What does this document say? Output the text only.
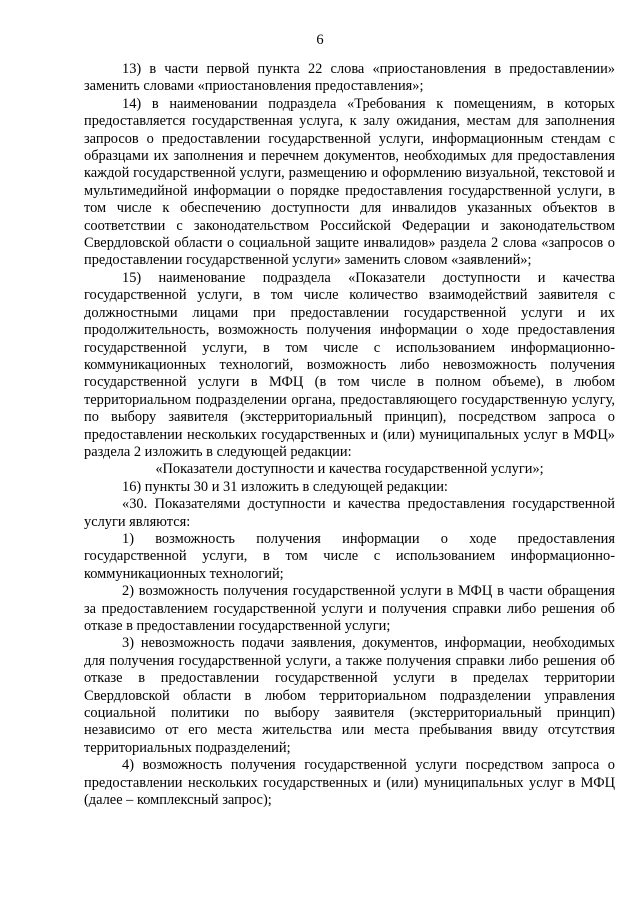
6

13) в части первой пункта 22 слова «приостановления в предоставлении» заменить словами «приостановления предоставления»;

14) в наименовании подраздела «Требования к помещениям, в которых предоставляется государственная услуга, к залу ожидания, местам для заполнения запросов о предоставлении государственной услуги, информационным стендам с образцами их заполнения и перечнем документов, необходимых для предоставления каждой государственной услуги, размещению и оформлению визуальной, текстовой и мультимедийной информации о порядке предоставления государственной услуги, в том числе к обеспечению доступности для инвалидов указанных объектов в соответствии с законодательством Российской Федерации и законодательством Свердловской области о социальной защите инвалидов» раздела 2 слова «запросов о предоставлении государственной услуги» заменить словом «заявлений»;

15) наименование подраздела «Показатели доступности и качества государственной услуги, в том числе количество взаимодействий заявителя с должностными лицами при предоставлении государственной услуги и их продолжительность, возможность получения информации о ходе предоставления государственной услуги, в том числе с использованием информационно-коммуникационных технологий, возможность либо невозможность получения государственной услуги в МФЦ (в том числе в полном объеме), в любом территориальном подразделении органа, предоставляющего государственную услугу, по выбору заявителя (экстерриториальный принцип), посредством запроса о предоставлении нескольких государственных и (или) муниципальных услуг в МФЦ» раздела 2 изложить в следующей редакции:

«Показатели доступности и качества государственной услуги»;

16) пункты 30 и 31 изложить в следующей редакции:

«30. Показателями доступности и качества предоставления государственной услуги являются:

1) возможность получения информации о ходе предоставления государственной услуги, в том числе с использованием информационно-коммуникационных технологий;

2) возможность получения государственной услуги в МФЦ в части обращения за предоставлением государственной услуги и получения справки либо решения об отказе в предоставлении государственной услуги;

3) невозможность подачи заявления, документов, информации, необходимых для получения государственной услуги, а также получения справки либо решения об отказе в предоставлении государственной услуги в пределах территории Свердловской области в любом территориальном подразделении управления социальной политики по выбору заявителя (экстерриториальный принцип) независимо от его места жительства или места пребывания ввиду отсутствия территориальных подразделений;

4) возможность получения государственной услуги посредством запроса о предоставлении нескольких государственных и (или) муниципальных услуг в МФЦ (далее – комплексный запрос);
